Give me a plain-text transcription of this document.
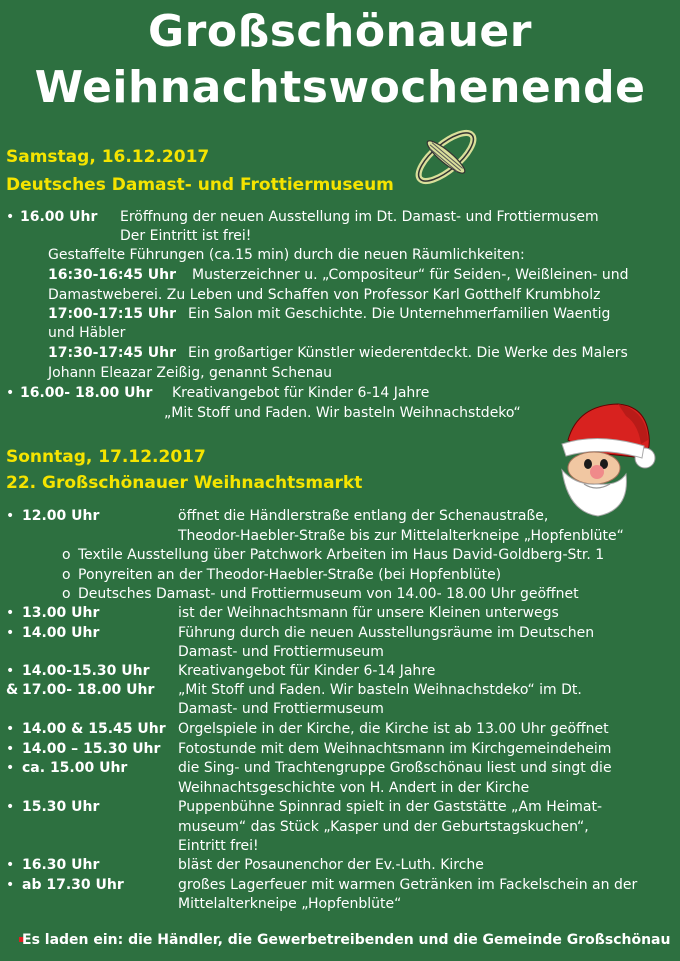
Großschönauer
Weihnachtswochenende
Samstag, 16.12.2017
Deutsches Damast- und Frottiermuseum
• 16.00 Uhr Eröffnung der neuen Ausstellung im Dt. Damast- und Frottiermusem
Der Eintritt ist frei!
Gestaffelte Führungen (ca.15 min) durch die neuen Räumlichkeiten:
16:30-16:45 Uhr Musterzeichner u. „Compositeur“ für Seiden-, Weißleinen- und
Damastweberei. Zu Leben und Schaffen von Professor Karl Gotthelf Krumbholz
17:00-17:15 Uhr Ein Salon mit Geschichte. Die Unternehmerfamilien Waentig
und Häbler
17:30-17:45 Uhr Ein großartiger Künstler wiederentdeckt. Die Werke des Malers
Johann Eleazar Zeißig, genannt Schenau
• 16.00- 18.00 Uhr Kreativangebot für Kinder 6-14 Jahre
„Mit Stoff und Faden. Wir basteln Weihnachstdeko“
Sonntag, 17.12.2017
22. Großschönauer Weihnachtsmarkt
• 12.00 Uhr	öffnet die Händlerstraße entlang der Schenaustraße,
Theodor-Haebler-Straße bis zur Mittelalterkneipe „Hopfenblüte“
o Textile Ausstellung über Patchwork Arbeiten im Haus David-Goldberg-Str. 1
o Ponyreiten an der Theodor-Haebler-Straße (bei Hopfenblüte)
o Deutsches Damast- und Frottiermuseum von 14.00- 18.00 Uhr geöffnet
• 13.00 Uhr	ist der Weihnachtsmann für unsere Kleinen unterwegs
• 14.00 Uhr	Führung durch die neuen Ausstellungsräume im Deutschen
Damast- und Frottiermuseum
• 14.00-15.30 Uhr Kreativangebot für Kinder 6-14 Jahre
& 17.00- 18.00 Uhr „Mit Stoff und Faden. Wir basteln Weihnachstdeko“ im Dt.
Damast- und Frottiermuseum
• 14.00 & 15.45 Uhr Orgelspiele in der Kirche, die Kirche ist ab 13.00 Uhr geöffnet
• 14.00 – 15.30 Uhr Fotostunde mit dem Weihnachtsmann im Kirchgemeindeheim
• ca. 15.00 Uhr	die Sing- und Trachtengruppe Großschönau liest und singt die
Weihnachtsgeschichte von H. Andert in der Kirche
• 15.30 Uhr	Puppenbühne Spinnrad spielt in der Gaststätte „Am Heimat-
museum“ das Stück „Kasper und der Geburtstagskuchen“,
Eintritt frei!
• 16.30 Uhr	bläst der Posaunenchor der Ev.-Luth. Kirche
• ab 17.30 Uhr	großes Lagerfeuer mit warmen Getränken im Fackelschein an der
Mittelalterkneipe „Hopfenblüte“
Es laden ein: die Händler, die Gewerbetreibenden und die Gemeinde Großschönau
